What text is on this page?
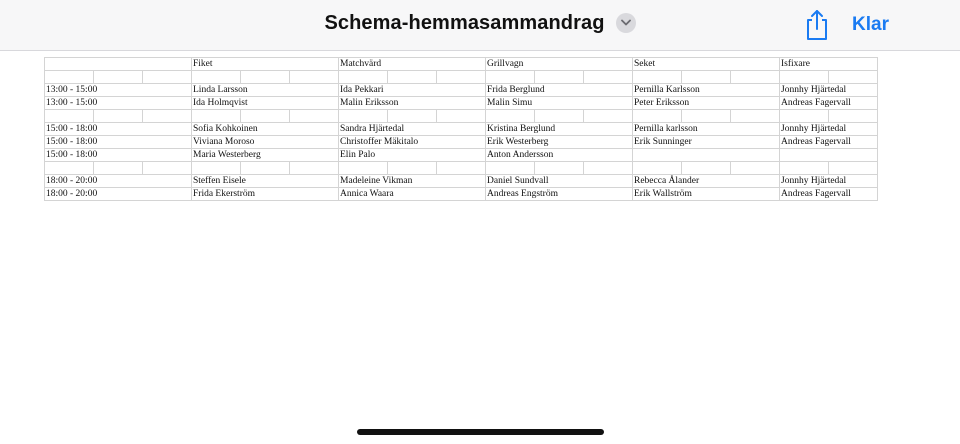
Schema-hemmasammandrag	Klar
			Fiket			Matchvärd			Grillvagn			Seket			Isfixare	

13:00 - 15:00			Linda Larsson			Ida Pekkari			Frida Berglund			Pernilla Karlsson			Jonnhy Hjärtedal	
13:00 - 15:00			Ida Holmqvist			Malin Eriksson			Malin Simu			Peter Eriksson			Andreas Fagervall	

15:00 - 18:00			Sofia Kohkoinen			Sandra Hjärtedal			Kristina Berglund			Pernilla karlsson			Jonnhy Hjärtedal	
15:00 - 18:00			Viviana Moroso			Christoffer Mäkitalo			Erik Westerberg			Erik Sunninger			Andreas Fagervall	
15:00 - 18:00			Maria Westerberg			Elin Palo			Anton Andersson							

18:00 - 20:00			Steffen Eisele			Madeleine Vikman			Daniel Sundvall			Rebecca Ålander			Jonnhy Hjärtedal	
18:00 - 20:00			Frida Ekerström			Annica Waara			Andreas Engström			Erik Wallström			Andreas Fagervall	
